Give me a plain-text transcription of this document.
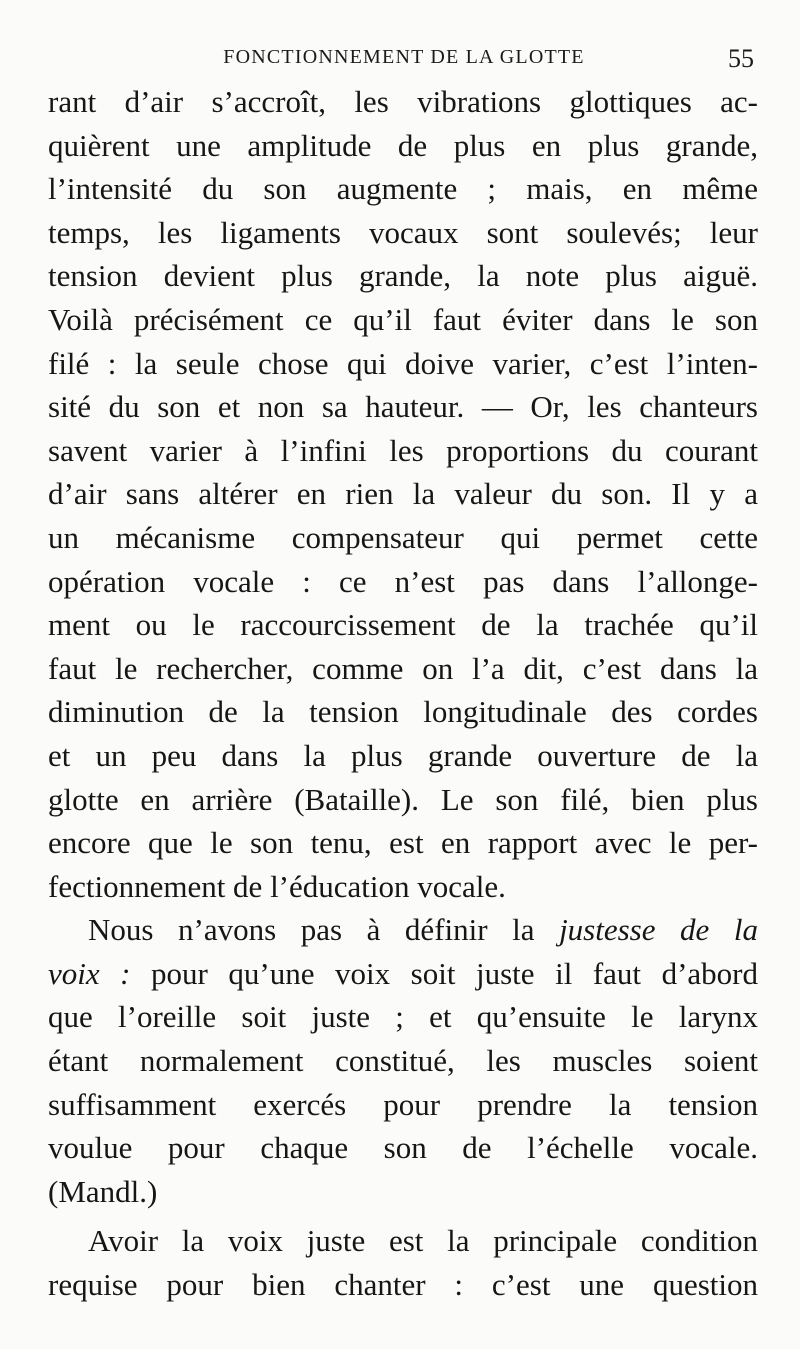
FONCTIONNEMENT DE LA GLOTTE	55
rant d’air s’accroît, les vibrations glottiques ac-
quièrent une amplitude de plus en plus grande,
l’intensité du son augmente ; mais, en même
temps, les ligaments vocaux sont soulevés; leur
tension devient plus grande, la note plus aiguë.
Voilà précisément ce qu’il faut éviter dans le son
filé : la seule chose qui doive varier, c’est l’inten-
sité du son et non sa hauteur. — Or, les chanteurs
savent varier à l’infini les proportions du courant
d’air sans altérer en rien la valeur du son. Il y a
un mécanisme compensateur qui permet cette
opération vocale : ce n’est pas dans l’allonge-
ment ou le raccourcissement de la trachée qu’il
faut le rechercher, comme on l’a dit, c’est dans la
diminution de la tension longitudinale des cordes
et un peu dans la plus grande ouverture de la
glotte en arrière (Bataille). Le son filé, bien plus
encore que le son tenu, est en rapport avec le per-
fectionnement de l’éducation vocale.
Nous n’avons pas à définir la justesse de la
voix : pour qu’une voix soit juste il faut d’abord
que l’oreille soit juste ; et qu’ensuite le larynx
étant normalement constitué, les muscles soient
suffisamment exercés pour prendre la tension
voulue pour chaque son de l’échelle vocale.
(Mandl.)
Avoir la voix juste est la principale condition
requise pour bien chanter : c’est une question
